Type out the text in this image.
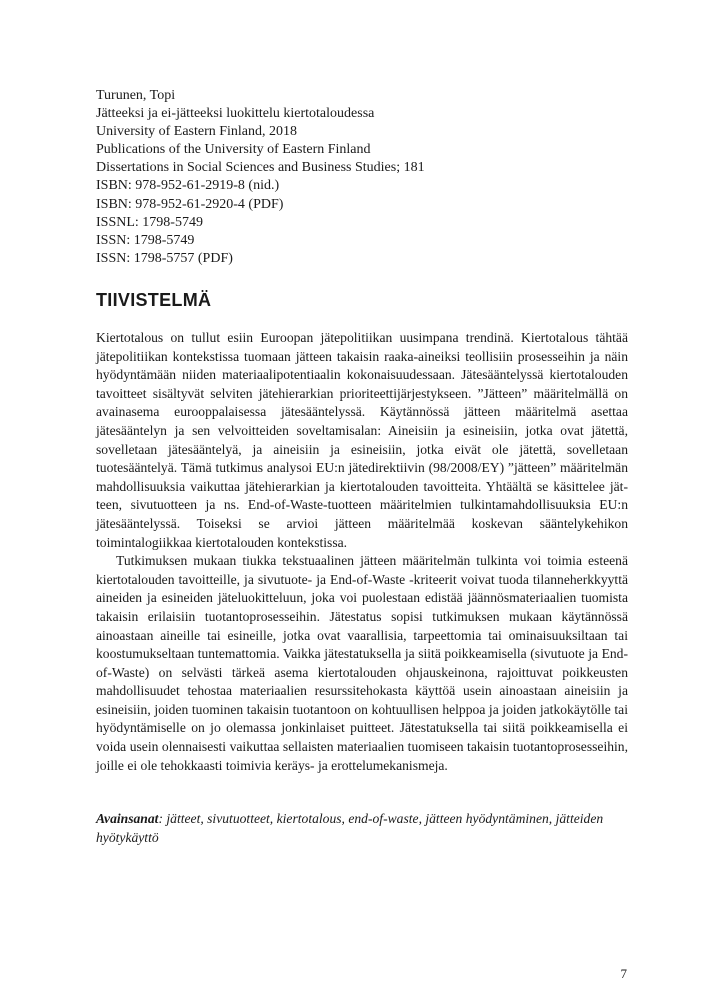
Turunen, Topi
Jätteeksi ja ei-jätteeksi luokittelu kiertotaloudessa
University of Eastern Finland, 2018
Publications of the University of Eastern Finland
Dissertations in Social Sciences and Business Studies; 181
ISBN: 978-952-61-2919-8 (nid.)
ISBN: 978-952-61-2920-4 (PDF)
ISSNL: 1798-5749
ISSN: 1798-5749
ISSN: 1798-5757 (PDF)
TIIVISTELMÄ

Kiertotalous on tullut esiin Euroopan jätepolitiikan uusimpana trendinä. Kiertotalous tähtää jätepolitiikan kontekstissa tuomaan jätteen takaisin raaka-aineiksi teollisiin prosesseihin ja näin hyödyntämään niiden materiaalipotentiaalin kokonaisuudessaan. Jätesääntelyssä kiertotalouden tavoitteet sisältyvät selviten jätehierarkian prioriteettijärjestykseen. ”Jätteen” määritelmällä on avainasema eurooppalaisessa jätesääntelyssä. Käytännössä jätteen määritelmä asettaa jätesääntelyn ja sen velvoitteiden soveltamisalan: Aineisiin ja esineisiin, jotka ovat jätettä, sovelletaan jätesääntelyä, ja aineisiin ja esineisiin, jotka eivät ole jätettä, sovelletaan tuotesääntelyä. Tämä tutkimus analysoi EU:n jätedirektiivin (98/2008/EY) ”jätteen” määritelmän mahdollisuuksia vaikuttaa jätehierarkian ja kiertotalouden tavoitteita. Yhtäältä se käsittelee jätteen, sivutuotteen ja ns. End-of-Waste-tuotteen määritelmien tulkintamahdollisuuksia EU:n jätesääntelyssä. Toiseksi se arvioi jätteen määritelmää koskevan sääntelykehikon toimintalogiikkaa kiertotalouden kontekstissa.

Tutkimuksen mukaan tiukka tekstuaalinen jätteen määritelmän tulkinta voi toimia esteenä kiertotalouden tavoitteille, ja sivutuote- ja End-of-Waste -kriteerit voivat tuoda tilanneherkkyyttä aineiden ja esineiden jäteluokitteluun, joka voi puolestaan edistää jäännösmateriaalien tuomista takaisin erilaisiin tuotantoprosesseihin. Jätestatus sopisi tutkimuksen mukaan käytännössä ainoastaan aineille tai esineille, jotka ovat vaarallisia, tarpeettomia tai ominaisuuksiltaan tai koostumukseltaan tuntemattomia. Vaikka jätestatuksella ja siitä poikkeamisella (sivutuote ja End-of-Waste) on selvästi tärkeä asema kiertotalouden ohjauskeinona, rajoittuvat poikkeusten mahdollisuudet tehostaa materiaalien resurssitehokasta käyttöä usein ainoastaan aineisiin ja esineisiin, joiden tuominen takaisin tuotantoon on kohtuullisen helppoa ja joiden jatkokäytölle tai hyödyntämiselle on jo olemassa jonkinlaiset puitteet. Jätestatuksella tai siitä poikkeamisella ei voida usein olennaisesti vaikuttaa sellaisten materiaalien tuomiseen takaisin tuotantoprosesseihin, joille ei ole tehokkaasti toimivia keräys- ja erottelumekanismeja.

Avainsanat: jätteet, sivutuotteet, kiertotalous, end-of-waste, jätteen hyödyntäminen, jätteiden hyötykäyttö
7
